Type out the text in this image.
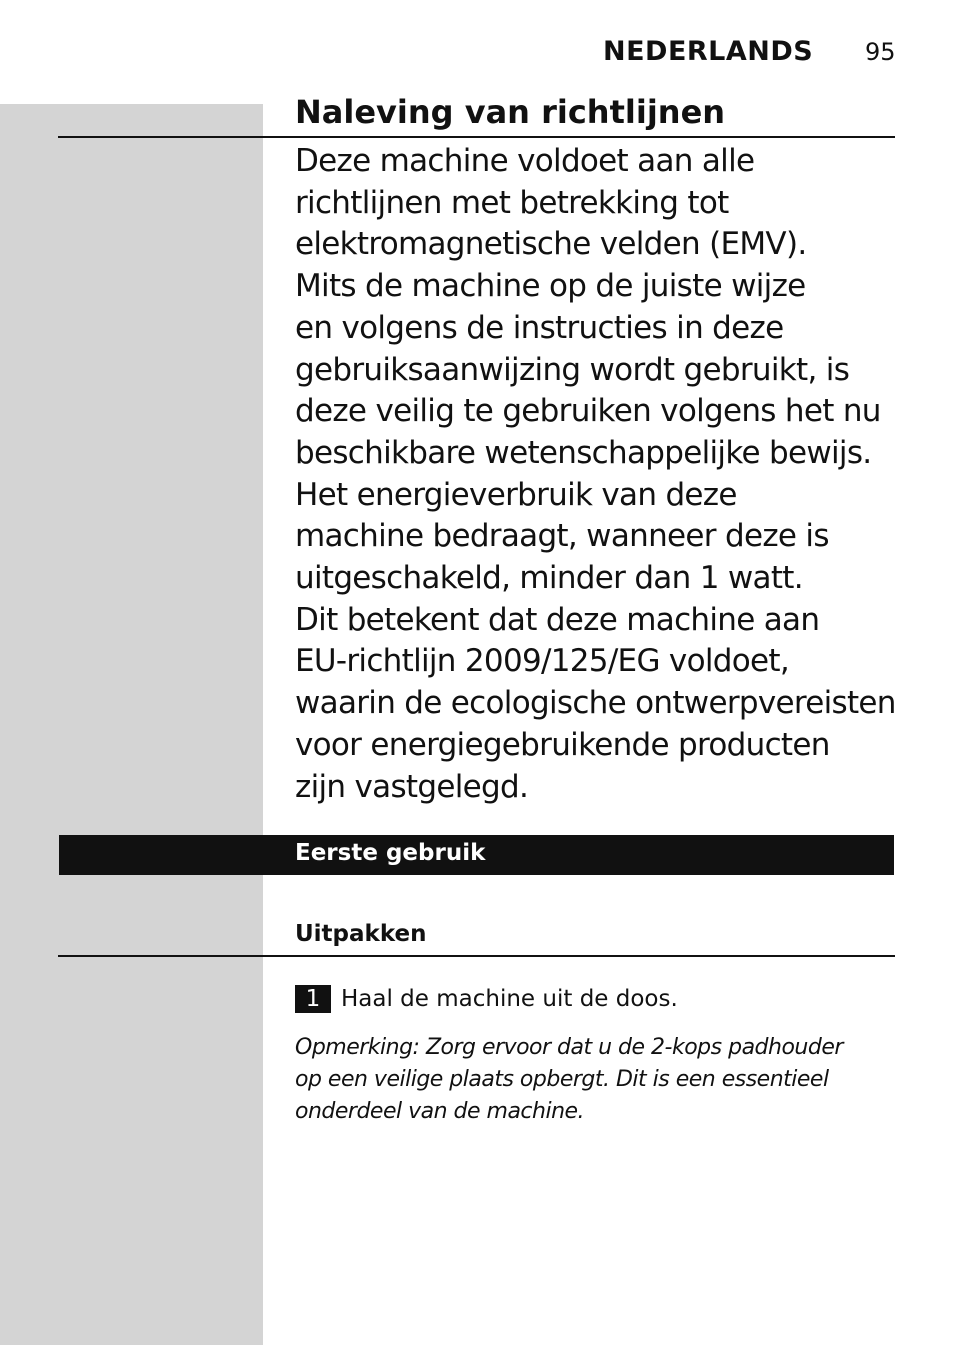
NEDERLANDS 95
Naleving van richtlijnen

Deze machine voldoet aan alle
richtlijnen met betrekking tot
elektromagnetische velden (EMV).
Mits de machine op de juiste wijze
en volgens de instructies in deze
gebruiksaanwijzing wordt gebruikt, is
deze veilig te gebruiken volgens het nu
beschikbare wetenschappelijke bewijs.
Het energieverbruik van deze
machine bedraagt, wanneer deze is
uitgeschakeld, minder dan 1 watt.
Dit betekent dat deze machine aan
EU-richtlijn 2009/125/EG voldoet,
waarin de ecologische ontwerpvereisten
voor energiegebruikende producten
zijn vastgelegd.

Eerste gebruik
Uitpakken
1 Haal de machine uit de doos.

Opmerking: Zorg ervoor dat u de 2-kops padhouder
op een veilige plaats opbergt. Dit is een essentieel
onderdeel van de machine.
